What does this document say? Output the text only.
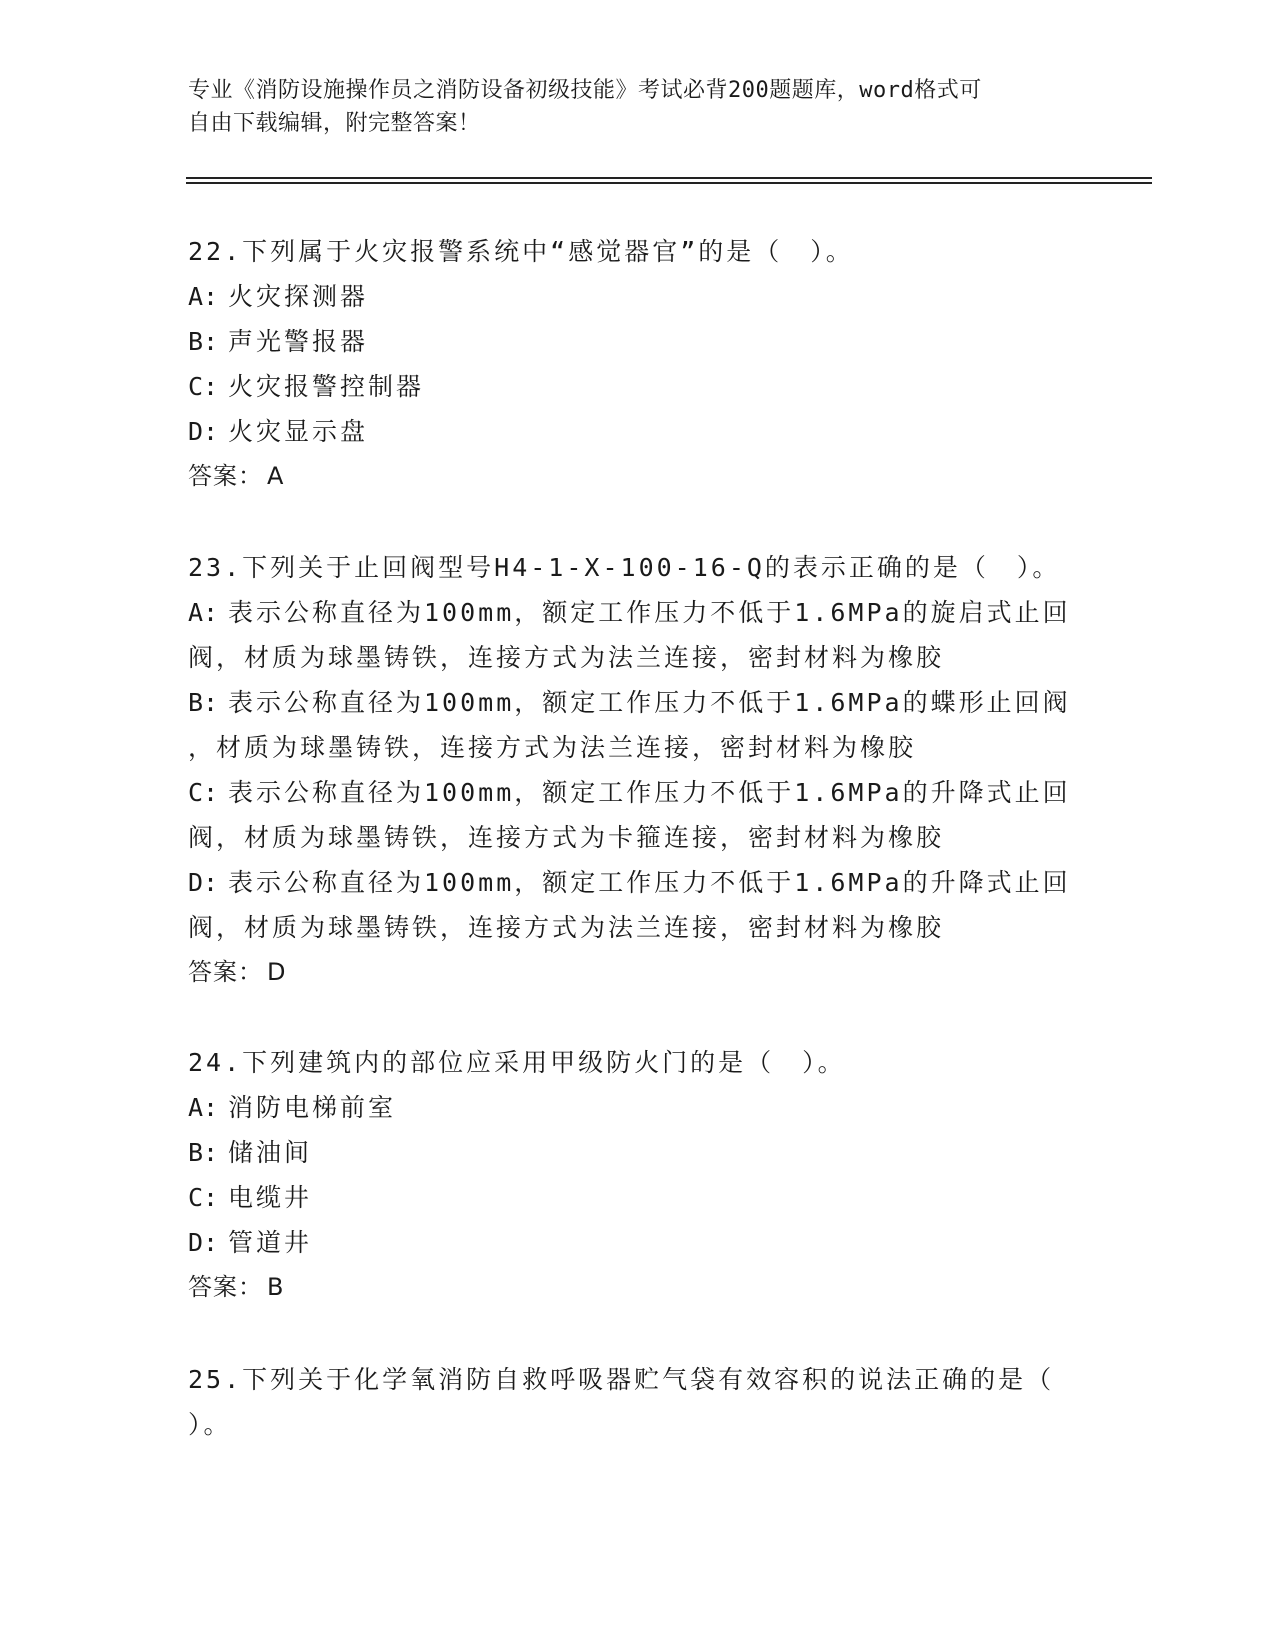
专业《消防设施操作员之消防设备初级技能》考试必背200题题库，word格式可
自由下载编辑，附完整答案！
22.下列属于火灾报警系统中“感觉器官”的是（　）。
A: 火灾探测器
B: 声光警报器
C: 火灾报警控制器
D: 火灾显示盘
答案： A
23.下列关于止回阀型号H4-1-X-100-16-Q的表示正确的是（　）。
A: 表示公称直径为100mm，额定工作压力不低于1.6MPa的旋启式止回
阀，材质为球墨铸铁，连接方式为法兰连接，密封材料为橡胶
B: 表示公称直径为100mm，额定工作压力不低于1.6MPa的蝶形止回阀
，材质为球墨铸铁，连接方式为法兰连接，密封材料为橡胶
C: 表示公称直径为100mm，额定工作压力不低于1.6MPa的升降式止回
阀，材质为球墨铸铁，连接方式为卡箍连接，密封材料为橡胶
D: 表示公称直径为100mm，额定工作压力不低于1.6MPa的升降式止回
阀，材质为球墨铸铁，连接方式为法兰连接，密封材料为橡胶
答案： D
24.下列建筑内的部位应采用甲级防火门的是（　）。
A: 消防电梯前室
B: 储油间
C: 电缆井
D: 管道井
答案： B
25.下列关于化学氧消防自救呼吸器贮气袋有效容积的说法正确的是（
）。
